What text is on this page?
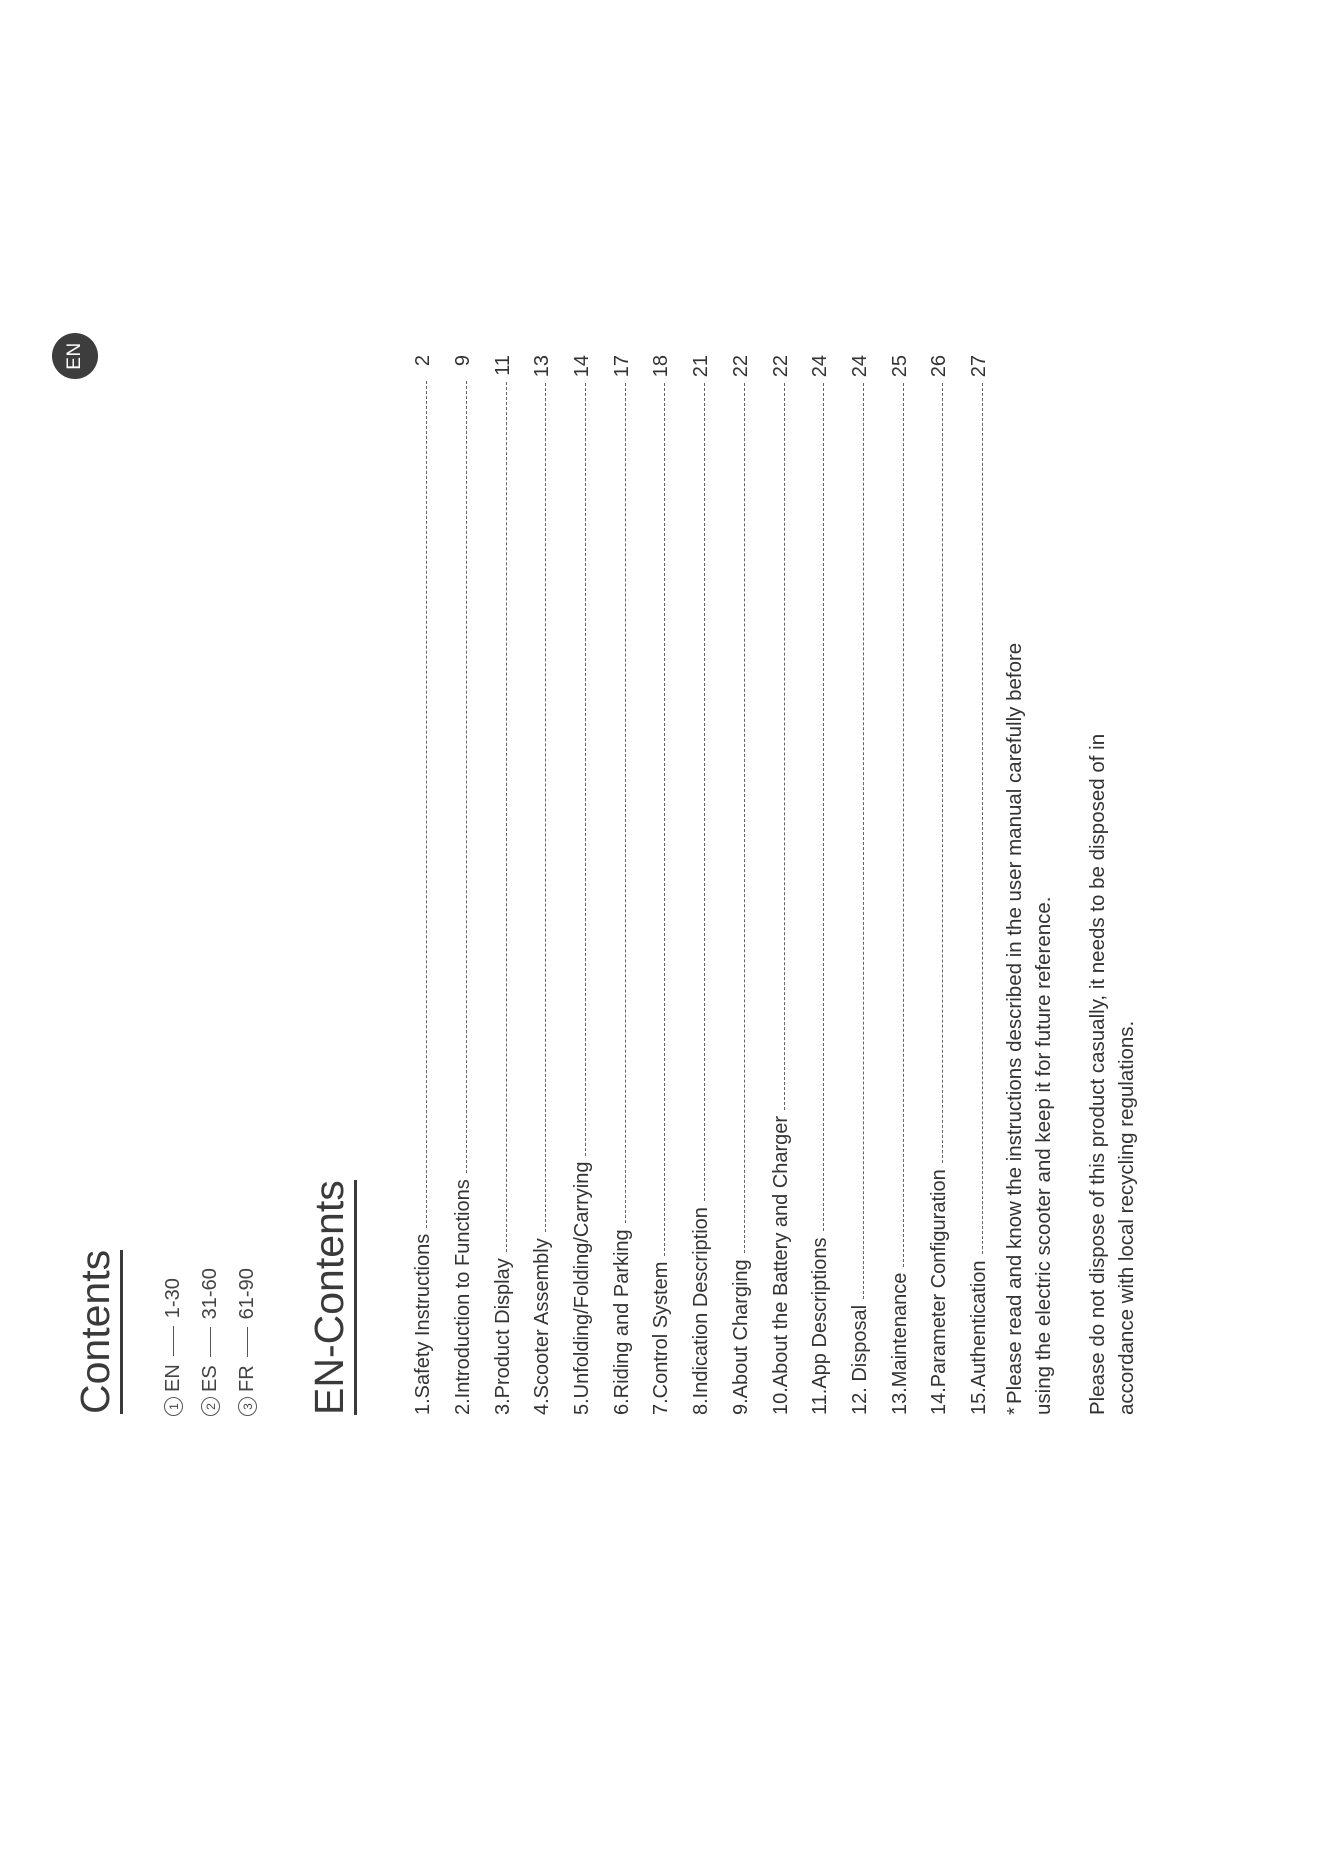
EN
Contents	1
EN
1-30
2
ES
31-60
3
FR
61-90 EN-Contents	1.Safety Instructions
2
2.Introduction to Functions
9
3.Product Display
11
4.Scooter Assembly
13
5.Unfolding/Folding/Carrying
14
6.Riding and Parking
17
7.Control System
18
8.Indication Description
21
9.About Charging
22
10.About the Battery and Charger
22
11.App Descriptions
24
12. Disposal
24
13.Maintenance
25
14.Parameter Configuration
26
15.Authentication
27
*Please read and know the instructions described in the user manual carefully before using the electric scooter and keep it for future reference. Please do not dispose of this product casually, it needs to be disposed of in accordance with local recycling regulations.
